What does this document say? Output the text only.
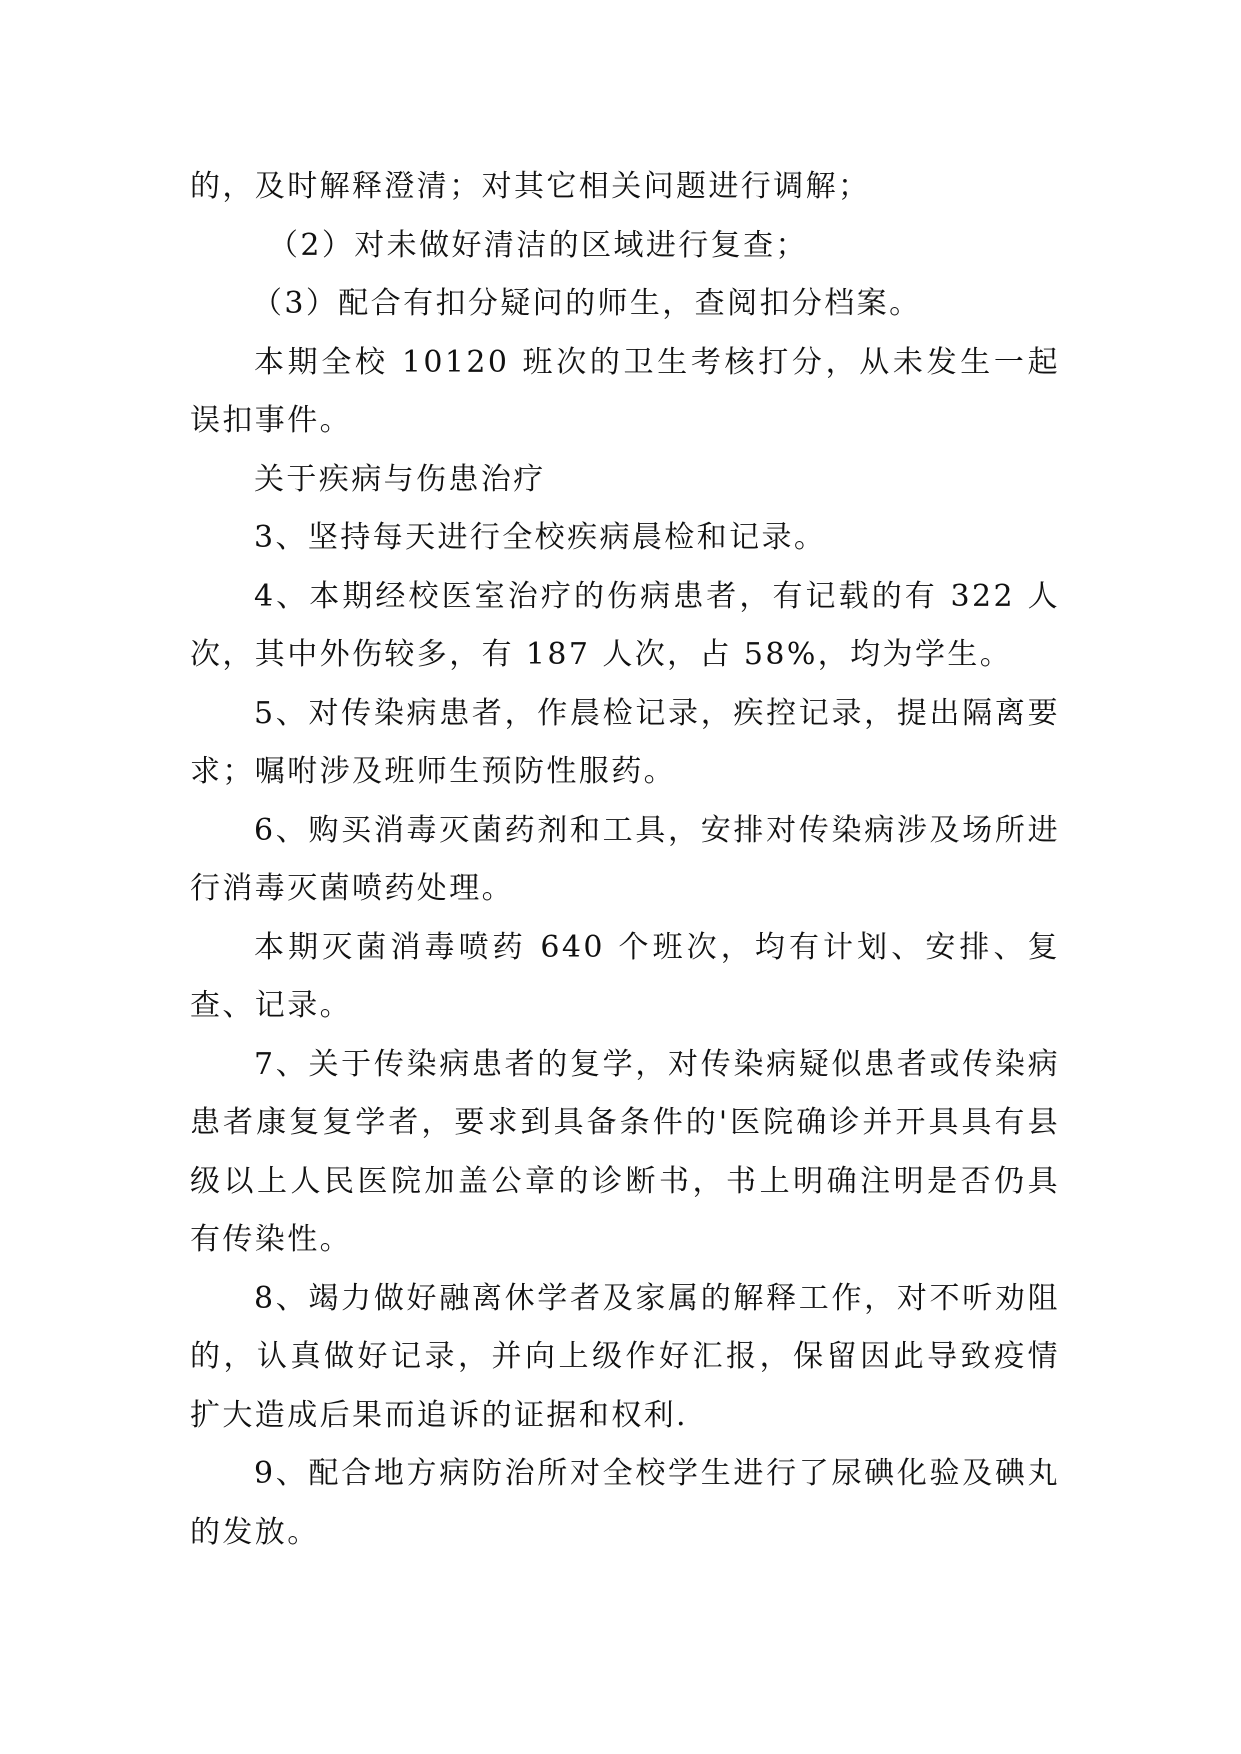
的，及时解释澄清；对其它相关问题进行调解；

（2）对未做好清洁的区域进行复查；

（3）配合有扣分疑问的师生，查阅扣分档案。

本期全校 10120 班次的卫生考核打分，从未发生一起误扣事件。

关于疾病与伤患治疗

3、坚持每天进行全校疾病晨检和记录。

4、本期经校医室治疗的伤病患者，有记载的有 322 人次，其中外伤较多，有 187 人次，占 58%，均为学生。

5、对传染病患者，作晨检记录，疾控记录，提出隔离要求；嘱咐涉及班师生预防性服药。

6、购买消毒灭菌药剂和工具，安排对传染病涉及场所进行消毒灭菌喷药处理。

本期灭菌消毒喷药 640 个班次，均有计划、安排、复查、记录。

7、关于传染病患者的复学，对传染病疑似患者或传染病患者康复复学者，要求到具备条件的'医院确诊并开具具有县级以上人民医院加盖公章的诊断书，书上明确注明是否仍具有传染性。

8、竭力做好融离休学者及家属的解释工作，对不听劝阻的，认真做好记录，并向上级作好汇报，保留因此导致疫情扩大造成后果而追诉的证据和权利.

9、配合地方病防治所对全校学生进行了尿碘化验及碘丸的发放。
